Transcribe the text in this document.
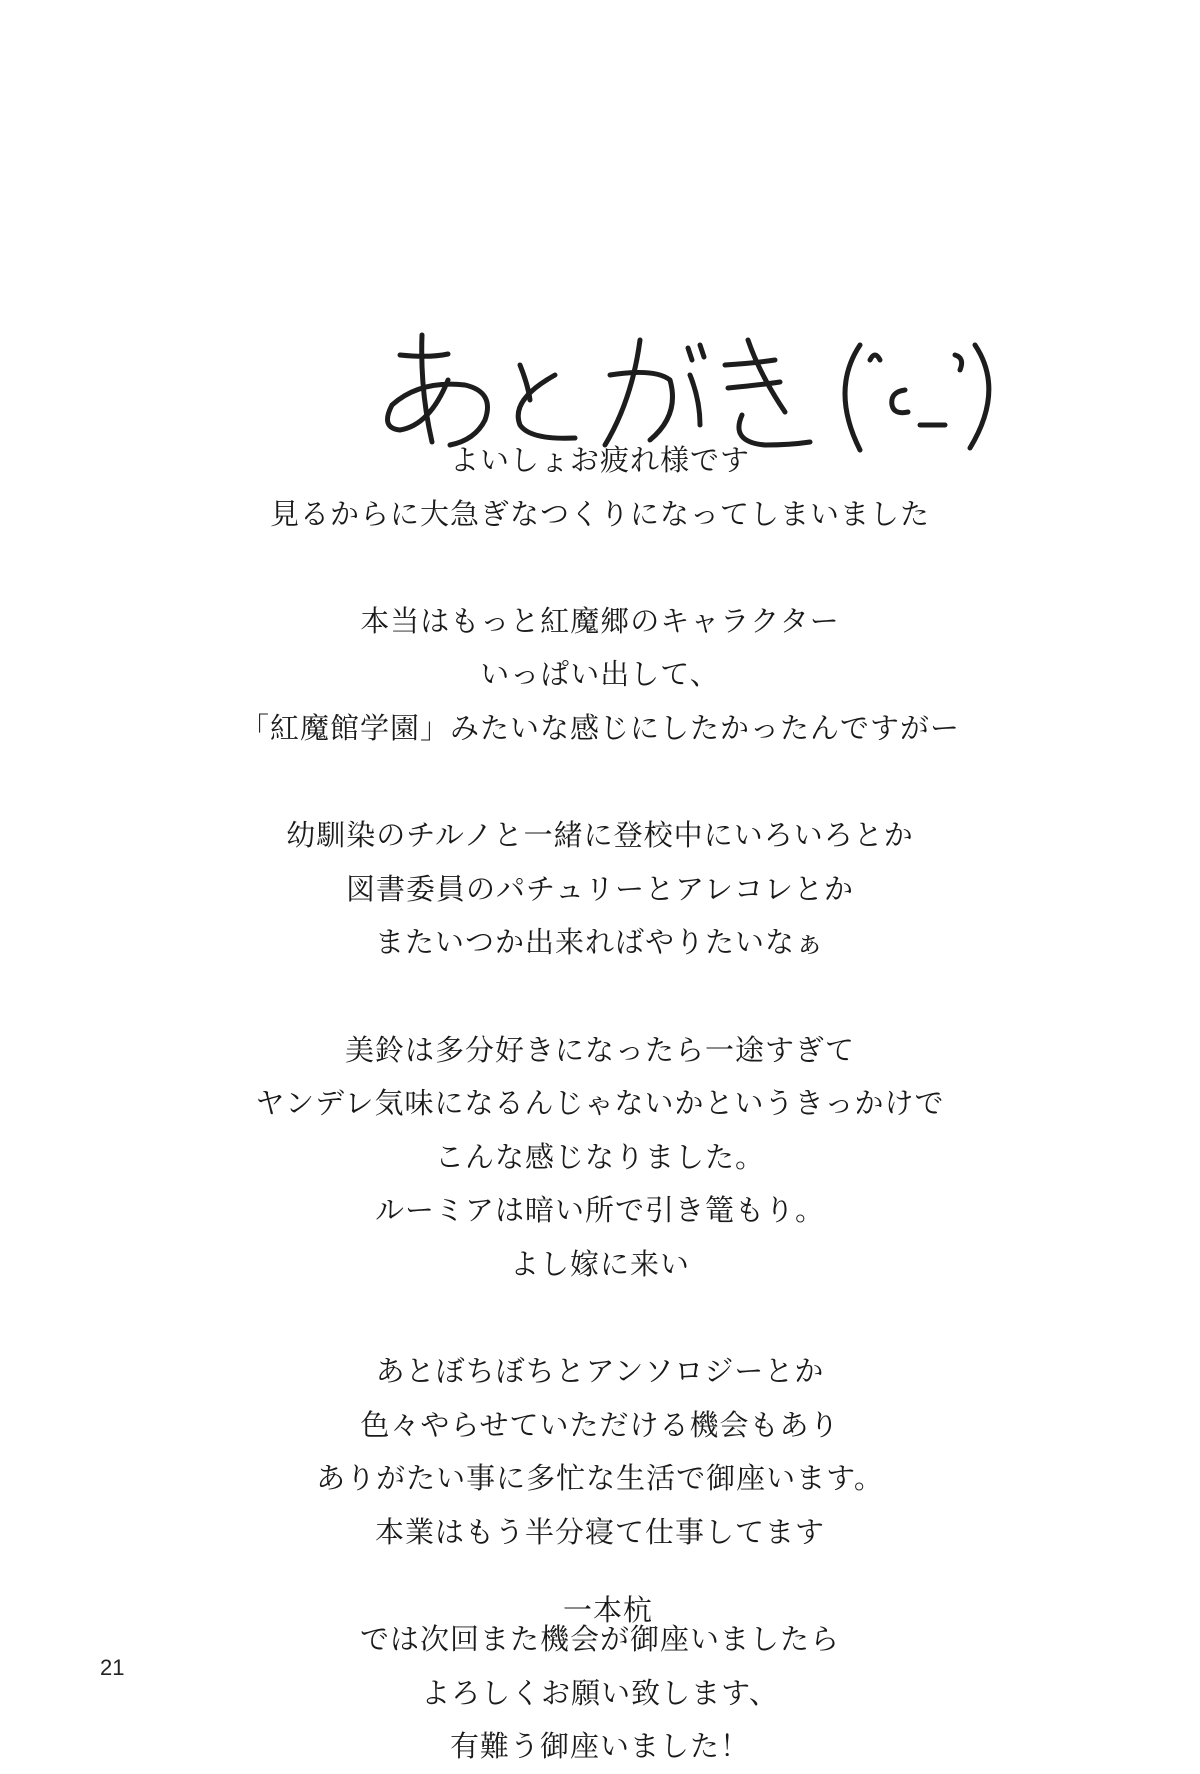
よいしょお疲れ様です
見るからに大急ぎなつくりになってしまいました
本当はもっと紅魔郷のキャラクター
いっぱい出して、
「紅魔館学園」みたいな感じにしたかったんですがー
幼馴染のチルノと一緒に登校中にいろいろとか
図書委員のパチュリーとアレコレとか
またいつか出来ればやりたいなぁ
美鈴は多分好きになったら一途すぎて
ヤンデレ気味になるんじゃないかというきっかけで
こんな感じなりました。
ルーミアは暗い所で引き篭もり。
よし嫁に来い
あとぼちぼちとアンソロジーとか
色々やらせていただける機会もあり
ありがたい事に多忙な生活で御座います。
本業はもう半分寝て仕事してます
では次回また機会が御座いましたら
よろしくお願い致します、
有難う御座いました！
一本杭
21
